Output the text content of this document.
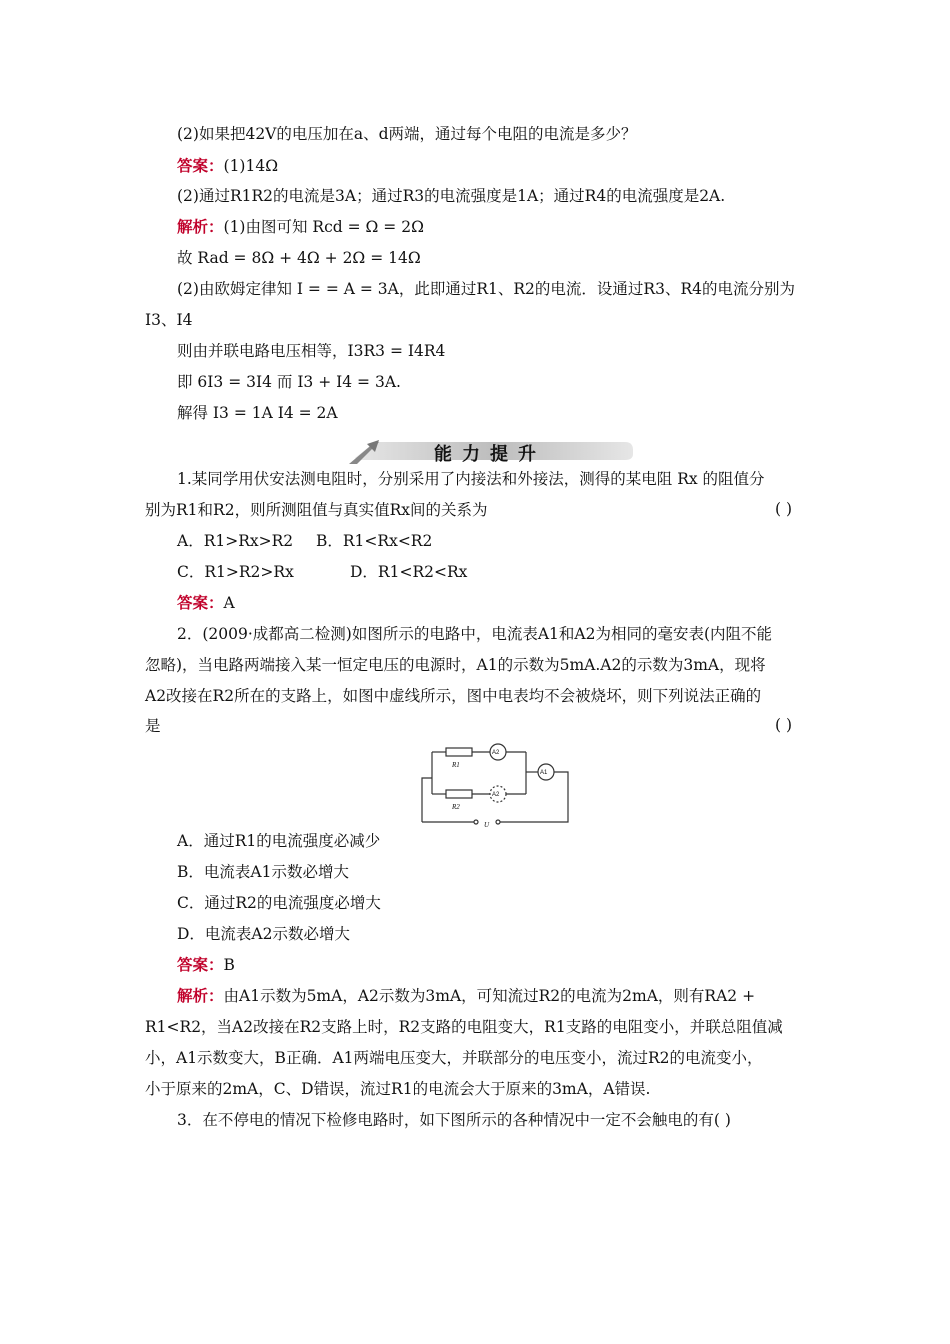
(2)如果把42V的电压加在a、d两端，通过每个电阻的电流是多少？
答案：(1)14Ω
(2)通过R1R2的电流是3A；通过R3的电流强度是1A；通过R4的电流强度是2A.
解析：(1)由图可知 Rcd = Ω = 2Ω
故 Rad = 8Ω + 4Ω + 2Ω = 14Ω
(2)由欧姆定律知 I = = A = 3A，此即通过R1、R2的电流．设通过R3、R4的电流分别为
I3、I4
则由并联电路电压相等，I3R3 = I4R4
即 6I3 = 3I4 而 I3 + I4 = 3A.
解得 I3 = 1A I4 = 2A
能力提升
1.某同学用伏安法测电阻时，分别采用了内接法和外接法，测得的某电阻 Rx 的阻值分
别为R1和R2，则所测阻值与真实值Rx间的关系为	( )
A．R1>Rx>R2 B．R1<Rx<R2
C．R1>R2>Rx	D．R1<R2<Rx
答案：A
2．(2009·成都高二检测)如图所示的电路中，电流表A1和A2为相同的毫安表(内阻不能
忽略)，当电路两端接入某一恒定电压的电源时，A1的示数为5mA.A2的示数为3mA，现将
A2改接在R2所在的支路上，如图中虚线所示，图中电表均不会被烧坏，则下列说法正确的
是	( )
R1
R2
U
A2
A2
A1
A．通过R1的电流强度必减少
B．电流表A1示数必增大
C．通过R2的电流强度必增大
D．电流表A2示数必增大
答案：B
解析：由A1示数为5mA，A2示数为3mA，可知流过R2的电流为2mA，则有RA2 +
R1<R2，当A2改接在R2支路上时，R2支路的电阻变大，R1支路的电阻变小，并联总阻值减
小，A1示数变大，B正确．A1两端电压变大，并联部分的电压变小，流过R2的电流变小，
小于原来的2mA，C、D错误，流过R1的电流会大于原来的3mA，A错误.
3．在不停电的情况下检修电路时，如下图所示的各种情况中一定不会触电的有( )
